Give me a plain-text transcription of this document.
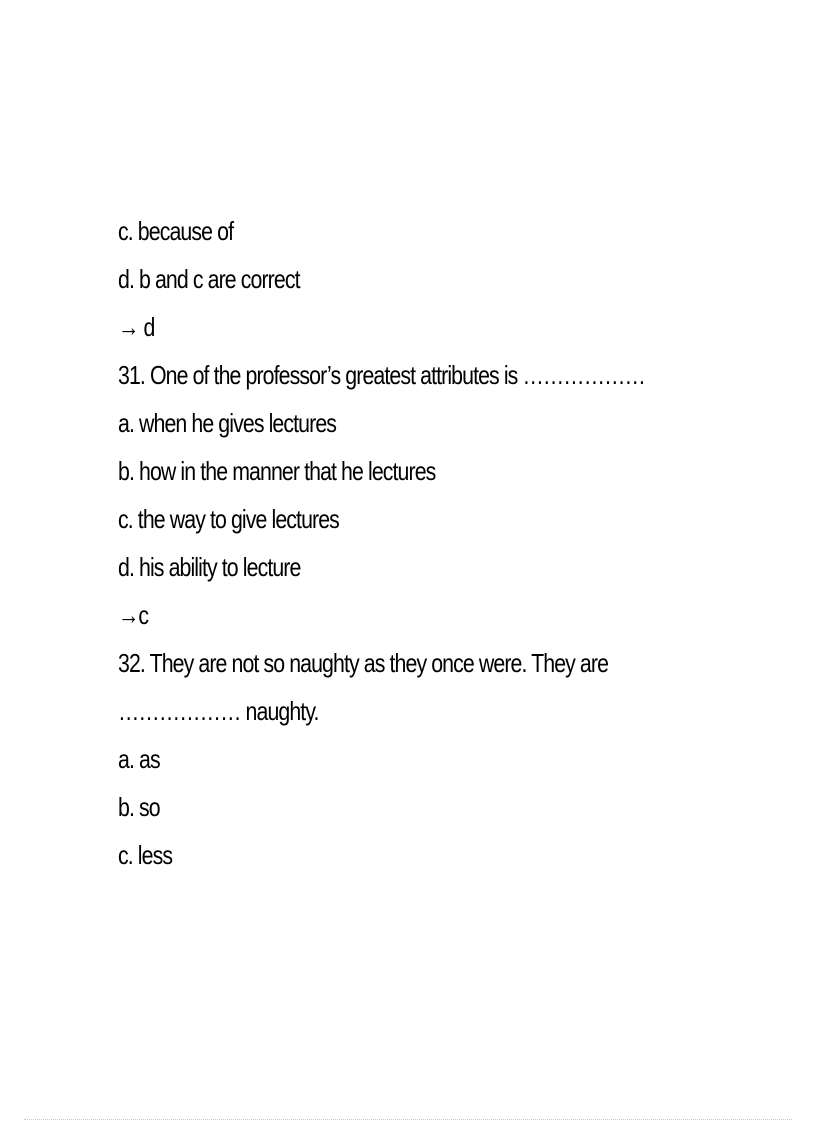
c. because of
d. b and c are correct
→ d
31. One of the professor’s greatest attributes is ………………
a. when he gives lectures
b. how in the manner that he lectures
c. the way to give lectures
d. his ability to lecture
→c
32. They are not so naughty as they once were. They are
……………… naughty.
a. as
b. so
c. less
